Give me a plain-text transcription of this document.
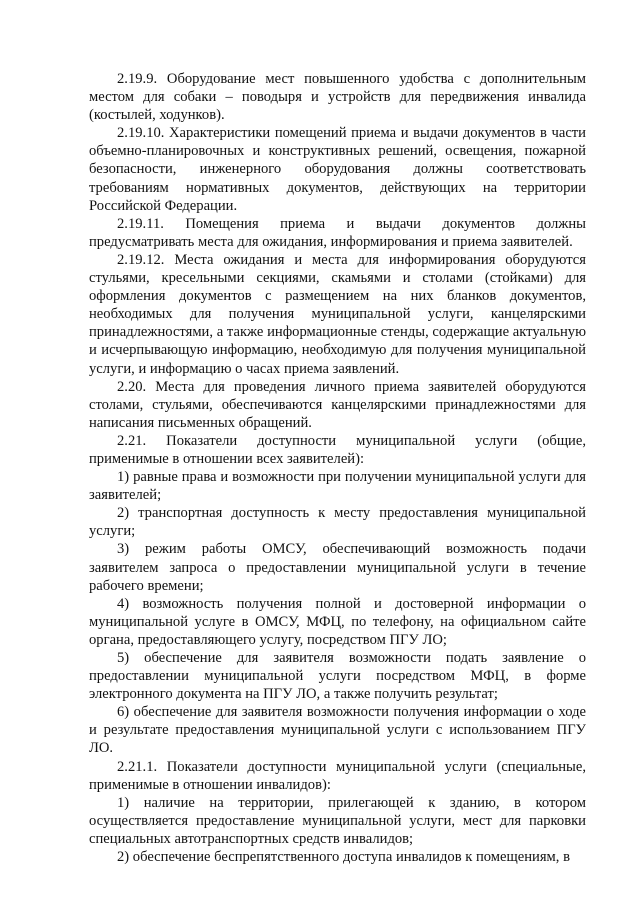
2.19.9. Оборудование мест повышенного удобства с дополнительным местом для собаки – поводыря и устройств для передвижения инвалида (костылей, ходунков).

2.19.10. Характеристики помещений приема и выдачи документов в части объемно-планировочных и конструктивных решений, освещения, пожарной безопасности, инженерного оборудования должны соответствовать требованиям нормативных документов, действующих на территории Российской Федерации.

2.19.11. Помещения приема и выдачи документов должны предусматривать места для ожидания, информирования и приема заявителей.

2.19.12. Места ожидания и места для информирования оборудуются стульями, кресельными секциями, скамьями и столами (стойками) для оформления документов с размещением на них бланков документов, необходимых для получения муниципальной услуги, канцелярскими принадлежностями, а также информационные стенды, содержащие актуальную и исчерпывающую информацию, необходимую для получения муниципальной услуги, и информацию о часах приема заявлений.

2.20. Места для проведения личного приема заявителей оборудуются столами, стульями, обеспечиваются канцелярскими принадлежностями для написания письменных обращений.

2.21. Показатели доступности муниципальной услуги (общие, применимые в отношении всех заявителей):

1) равные права и возможности при получении муниципальной услуги для заявителей;

2) транспортная доступность к месту предоставления муниципальной услуги;

3) режим работы ОМСУ, обеспечивающий возможность подачи заявителем запроса о предоставлении муниципальной услуги в течение рабочего времени;

4) возможность получения полной и достоверной информации о муниципальной услуге в ОМСУ, МФЦ, по телефону, на официальном сайте органа, предоставляющего услугу, посредством ПГУ ЛО;

5) обеспечение для заявителя возможности подать заявление о предоставлении муниципальной услуги посредством МФЦ, в форме электронного документа на ПГУ ЛО, а также получить результат;

6) обеспечение для заявителя возможности получения информации о ходе и результате предоставления муниципальной услуги с использованием ПГУ ЛО.

2.21.1. Показатели доступности муниципальной услуги (специальные, применимые в отношении инвалидов):

1) наличие на территории, прилегающей к зданию, в котором осуществляется предоставление муниципальной услуги, мест для парковки специальных автотранспортных средств инвалидов;

2) обеспечение беспрепятственного доступа инвалидов к помещениям, в
